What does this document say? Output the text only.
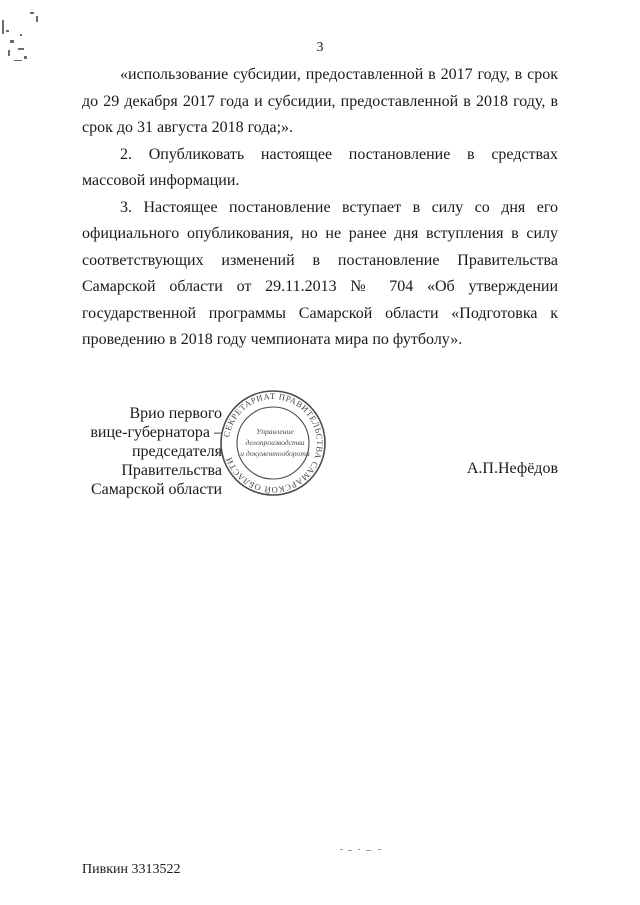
3

«использование субсидии, предоставленной в 2017 году, в срок до 29 декабря 2017 года и субсидии, предоставленной в 2018 году, в срок до 31 августа 2018 года;».

2. Опубликовать настоящее постановление в средствах массовой информации.

3. Настоящее постановление вступает в силу со дня его официального опубликования, но не ранее дня вступления в силу соответствующих изменений в постановление Правительства Самарской области от 29.11.2013 № 704 «Об утверждении государственной программы Самарской области «Подготовка к проведению в 2018 году чемпионата мира по футболу».

Врио первого
вице-губернатора –
председателя Правительства
Самарской области
СЕКРЕТАРИАТ ПРАВИТЕЛЬСТВА САМАРСКОЙ ОБЛАСТИ
Управление
делопроизводства
и документооборота
А.П.Нефёдов
Пивкин 3313522
